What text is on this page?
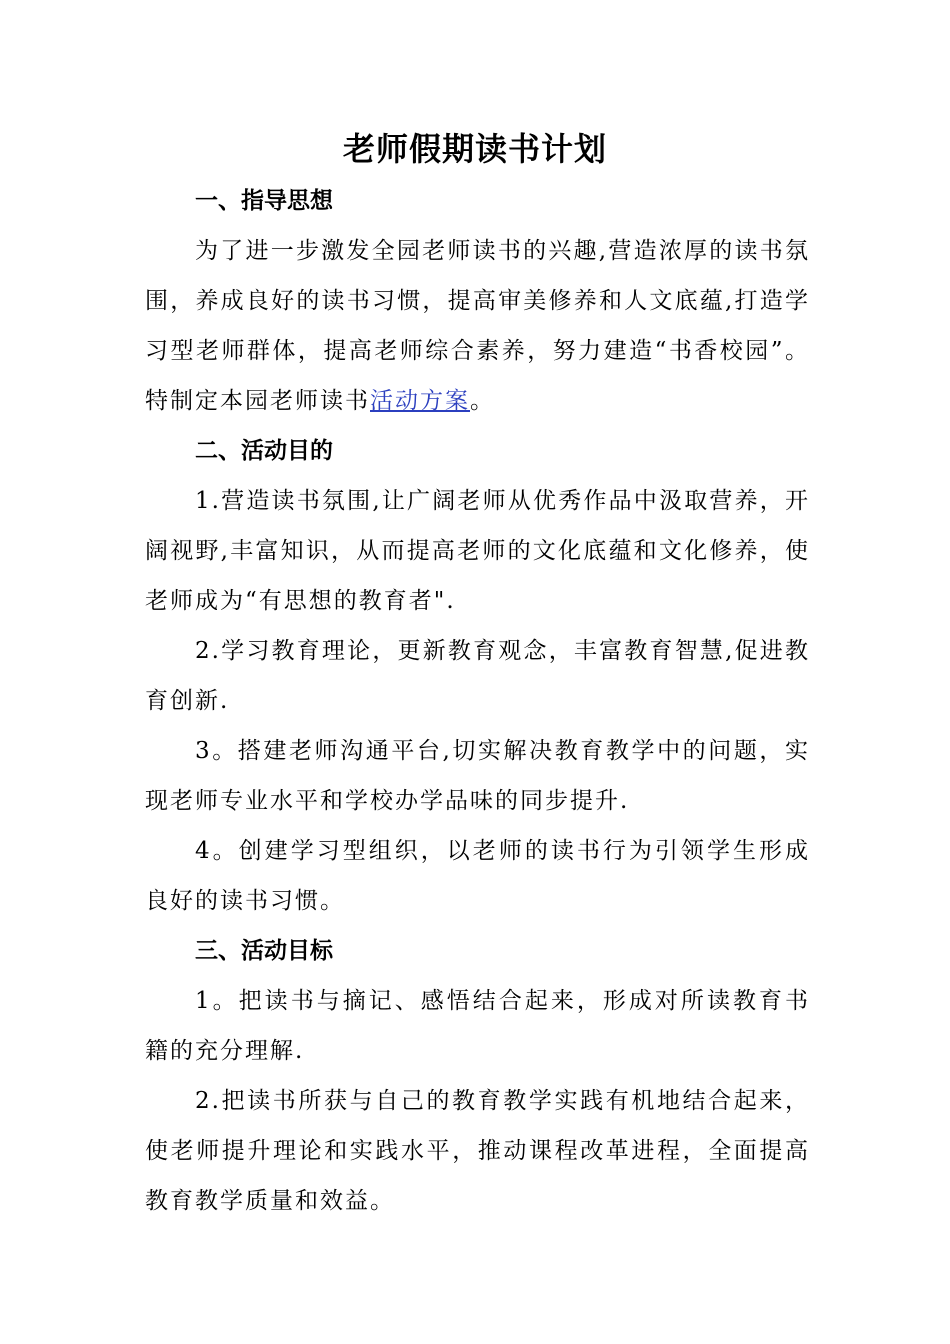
老师假期读书计划
一、指导思想

为了进一步激发全园老师读书的兴趣,营造浓厚的读书氛围，养成良好的读书习惯，提高审美修养和人文底蕴,打造学习型老师群体，提高老师综合素养，努力建造“书香校园”。特制定本园老师读书活动方案。

二、活动目的

1.营造读书氛围,让广阔老师从优秀作品中汲取营养，开阔视野,丰富知识，从而提高老师的文化底蕴和文化修养，使老师成为“有思想的教育者".

2.学习教育理论，更新教育观念，丰富教育智慧,促进教育创新.

3。搭建老师沟通平台,切实解决教育教学中的问题，实现老师专业水平和学校办学品味的同步提升.

4。创建学习型组织，以老师的读书行为引领学生形成良好的读书习惯。

三、活动目标

1。把读书与摘记、感悟结合起来，形成对所读教育书籍的充分理解.

2.把读书所获与自己的教育教学实践有机地结合起来，使老师提升理论和实践水平，推动课程改革进程，全面提高教育教学质量和效益。
